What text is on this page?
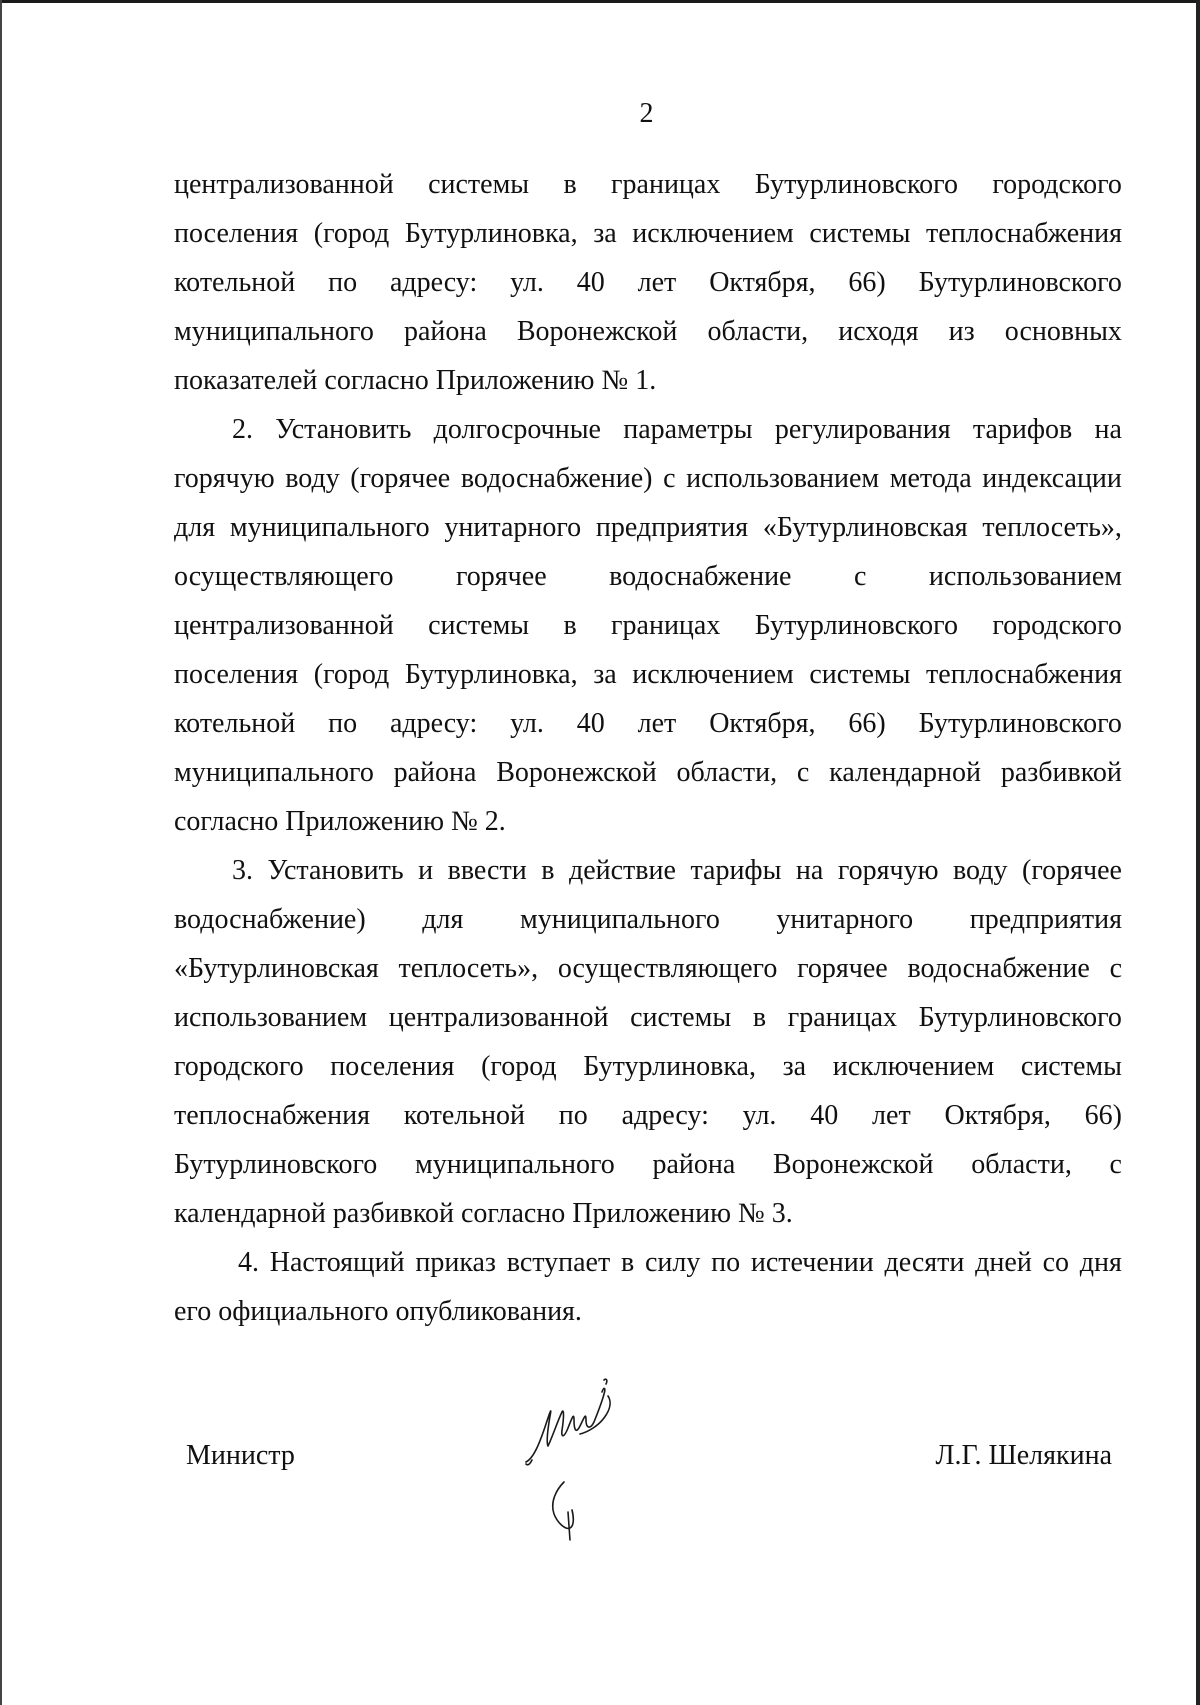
2
централизованной системы в границах Бутурлиновского городского
поселения (город Бутурлиновка, за исключением системы теплоснабжения
котельной по адресу: ул. 40 лет Октября, 66) Бутурлиновского
муниципального района Воронежской области, исходя из основных
показателей согласно Приложению № 1.
2. Установить долгосрочные параметры регулирования тарифов на
горячую воду (горячее водоснабжение) с использованием метода индексации
для муниципального унитарного предприятия «Бутурлиновская теплосеть»,
осуществляющего горячее водоснабжение с использованием
централизованной системы в границах Бутурлиновского городского
поселения (город Бутурлиновка, за исключением системы теплоснабжения
котельной по адресу: ул. 40 лет Октября, 66) Бутурлиновского
муниципального района Воронежской области, с календарной разбивкой
согласно Приложению № 2.
3. Установить и ввести в действие тарифы на горячую воду (горячее
водоснабжение) для муниципального унитарного предприятия
«Бутурлиновская теплосеть», осуществляющего горячее водоснабжение с
использованием централизованной системы в границах Бутурлиновского
городского поселения (город Бутурлиновка, за исключением системы
теплоснабжения котельной по адресу: ул. 40 лет Октября, 66)
Бутурлиновского муниципального района Воронежской области, с
календарной разбивкой согласно Приложению № 3.
4. Настоящий приказ вступает в силу по истечении десяти дней со дня
его официального опубликования.
Министр	Л.Г. Шелякина
